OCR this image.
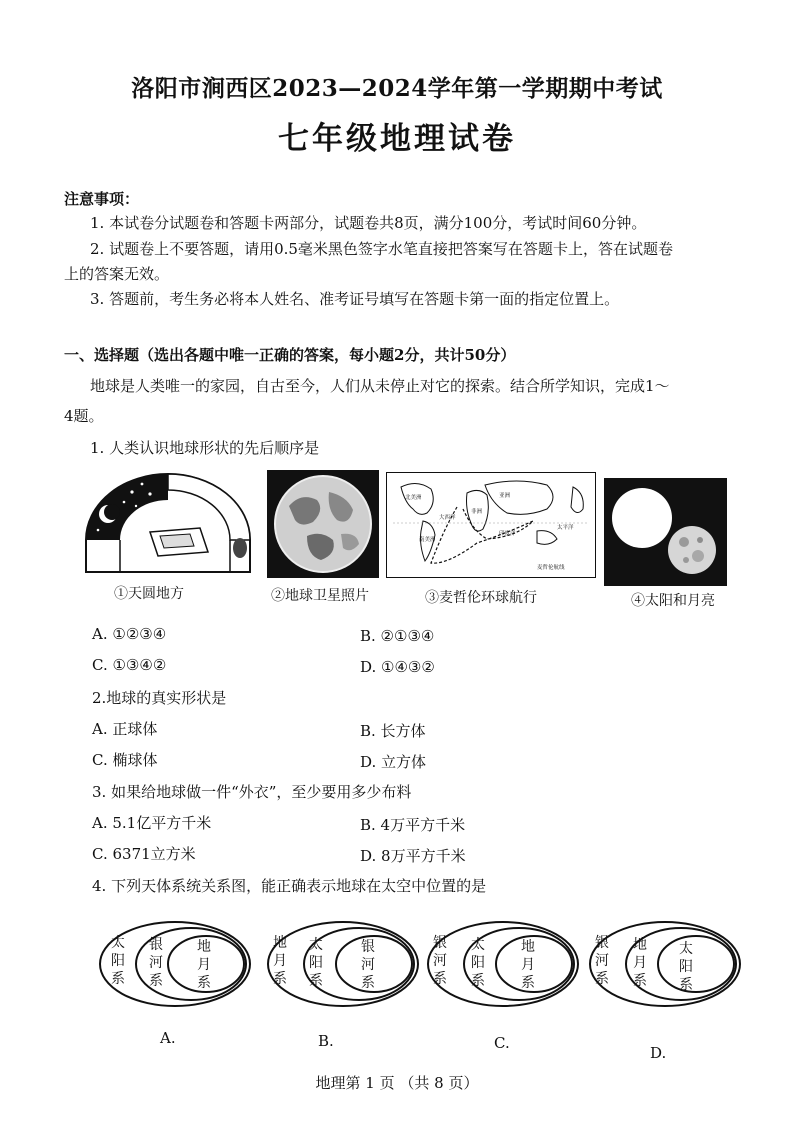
洛阳市涧西区2023—2024学年第一学期期中考试
七年级地理试卷
注意事项：
1. 本试卷分试题卷和答题卡两部分，试题卷共8页，满分100分，考试时间60分钟。
2. 试题卷上不要答题，请用0.5毫米黑色签字水笔直接把答案写在答题卡上，答在试题卷
上的答案无效。
3. 答题前，考生务必将本人姓名、准考证号填写在答题卡第一面的指定位置上。
一、选择题（选出各题中唯一正确的答案，每小题2分，共计50分）
地球是人类唯一的家园，自古至今，人们从未停止对它的探索。结合所学知识，完成1～
4题。
1. 人类认识地球形状的先后顺序是
亚洲
非洲
南美洲
太平洋
印度洋
大西洋
北美洲
麦哲伦航线
①天圆地方	②地球卫星照片	③麦哲伦环球航行	④太阳和月亮
A. ①②③④	B. ②①③④
C. ①③④②	D. ①④③②
2.地球的真实形状是
A. 正球体	B. 长方体
C. 椭球体	D. 立方体
3. 如果给地球做一件“外衣”，至少要用多少布料
A. 5.1亿平方千米	B. 4万平方千米
C. 6371立方米	D. 8万平方千米
4. 下列天体系统关系图，能正确表示地球在太空中位置的是
太阳系
银河系
地月系
地月系
太阳系
银河系
银河系
太阳系
地月系
银河系
地月系
太阳系
A.	B.	C.
D.
地理第 1 页 （共 8 页）
